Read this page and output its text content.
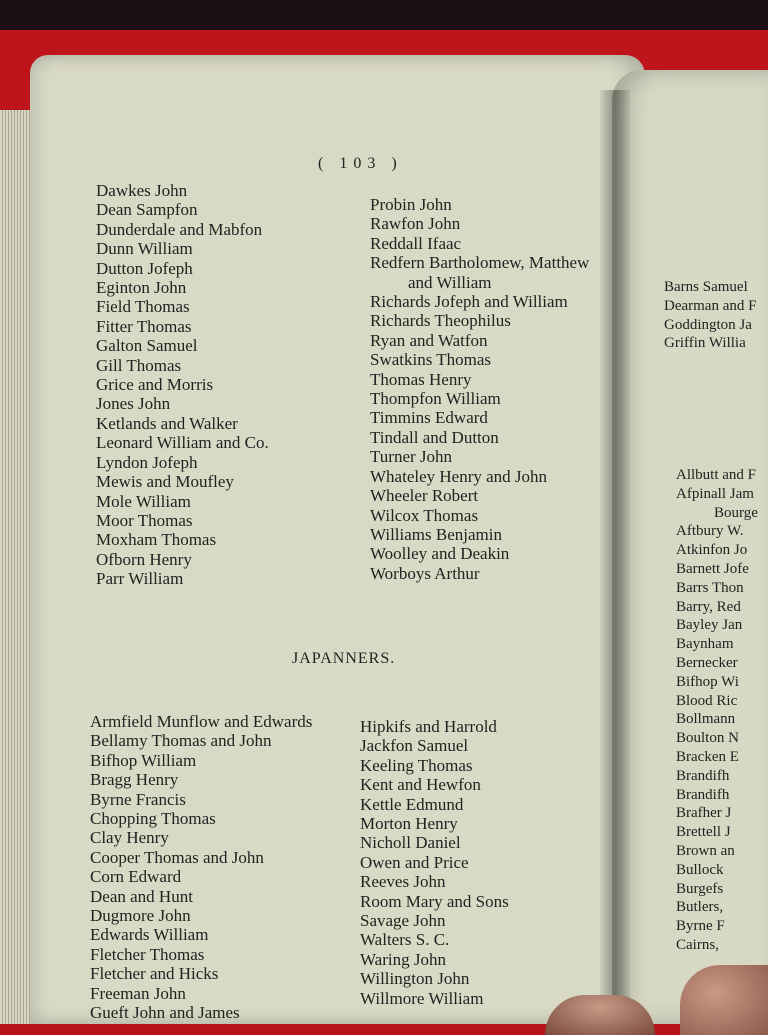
( 103 )
Dawkes John
Dean Sampfon
Dunderdale and Mabfon
Dunn William
Dutton Jofeph
Eginton John
Field Thomas
Fitter Thomas
Galton Samuel
Gill Thomas
Grice and Morris
Jones John
Ketlands and Walker
Leonard William and Co.
Lyndon Jofeph
Mewis and Moufley
Mole William
Moor Thomas
Moxham Thomas
Ofborn Henry
Parr William
Probin John
Rawfon John
Reddall Ifaac
Redfern Bartholomew, Matthew
and William
Richards Jofeph and William
Richards Theophilus
Ryan and Watfon
Swatkins Thomas
Thomas Henry
Thompfon William
Timmins Edward
Tindall and Dutton
Turner John
Whateley Henry and John
Wheeler Robert
Wilcox Thomas
Williams Benjamin
Woolley and Deakin
Worboys Arthur
JAPANNERS.
Armfield Munflow and Edwards
Bellamy Thomas and John
Bifhop William
Bragg Henry
Byrne Francis
Chopping Thomas
Clay Henry
Cooper Thomas and John
Corn Edward
Dean and Hunt
Dugmore John
Edwards William
Fletcher Thomas
Fletcher and Hicks
Freeman John
Gueft John and James
Hipkifs and Harrold
Jackfon Samuel
Keeling Thomas
Kent and Hewfon
Kettle Edmund
Morton Henry
Nicholl Daniel
Owen and Price
Reeves John
Room Mary and Sons
Savage John
Walters S. C.
Waring John
Willington John
Willmore William
Barns Samuel
Dearman and F
Goddington Ja
Griffin Willia
Allbutt and F
Afpinall Jam
Bourge
Aftbury W.
Atkinfon Jo
Barnett Jofe
Barrs Thon
Barry, Red
Bayley Jan
Baynham
Bernecker
Bifhop Wi
Blood Ric
Bollmann
Boulton N
Bracken E
Brandifh
Brandifh
Brafher J
Brettell J
Brown an
Bullock
Burgefs
Butlers,
Byrne F
Cairns,
